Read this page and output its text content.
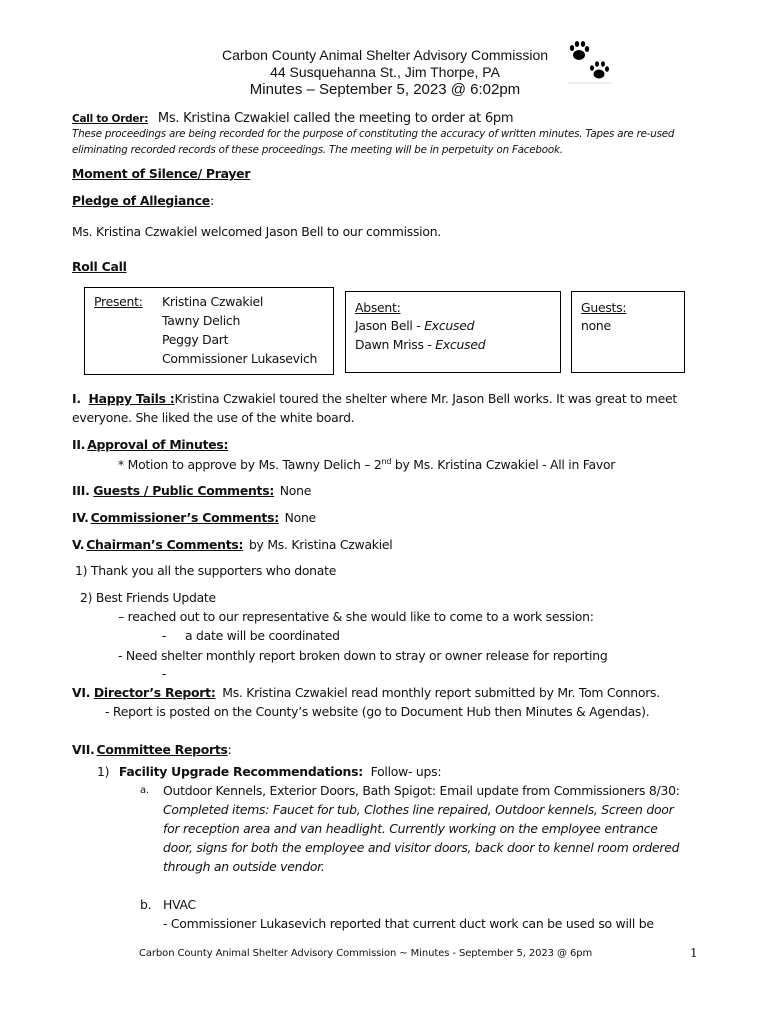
Carbon County Animal Shelter Advisory Commission
44 Susquehanna St., Jim Thorpe, PA
Minutes – September 5, 2023 @ 6:02pm
Call to Order: Ms. Kristina Czwakiel called the meeting to order at 6pm
These proceedings are being recorded for the purpose of constituting the accuracy of written minutes. Tapes are re-used
eliminating recorded records of these proceedings. The meeting will be in perpetuity on Facebook.
Moment of Silence/ Prayer
Pledge of Allegiance:
Ms. Kristina Czwakiel welcomed Jason Bell to our commission.
Roll Call
Present: Kristina Czwakiel
Tawny Delich
Peggy Dart
Commissioner Lukasevich
Absent:
Jason Bell - Excused
Dawn Mriss - Excused
Guests:
none
I. Happy Tails :Kristina Czwakiel toured the shelter where Mr. Jason Bell works. It was great to meet
everyone. She liked the use of the white board.
II. Approval of Minutes:
* Motion to approve by Ms. Tawny Delich – 2nd by Ms. Kristina Czwakiel - All in Favor
III. Guests / Public Comments: None
IV. Commissioner’s Comments: None
V. Chairman’s Comments: by Ms. Kristina Czwakiel
1) Thank you all the supporters who donate
2) Best Friends Update
– reached out to our representative & she would like to come to a work session:
- a date will be coordinated
- Need shelter monthly report broken down to stray or owner release for reporting
-
VI. Director’s Report: Ms. Kristina Czwakiel read monthly report submitted by Mr. Tom Connors.
- Report is posted on the County’s website (go to Document Hub then Minutes & Agendas).
VII. Committee Reports:
1) Facility Upgrade Recommendations: Follow- ups:
a. Outdoor Kennels, Exterior Doors, Bath Spigot: Email update from Commissioners 8/30:
Completed items: Faucet for tub, Clothes line repaired, Outdoor kennels, Screen door
for reception area and van headlight. Currently working on the employee entrance
door, signs for both the employee and visitor doors, back door to kennel room ordered
through an outside vendor.
b. HVAC
- Commissioner Lukasevich reported that current duct work can be used so will be
Carbon County Animal Shelter Advisory Commission ~ Minutes - September 5, 2023 @ 6pm	1
